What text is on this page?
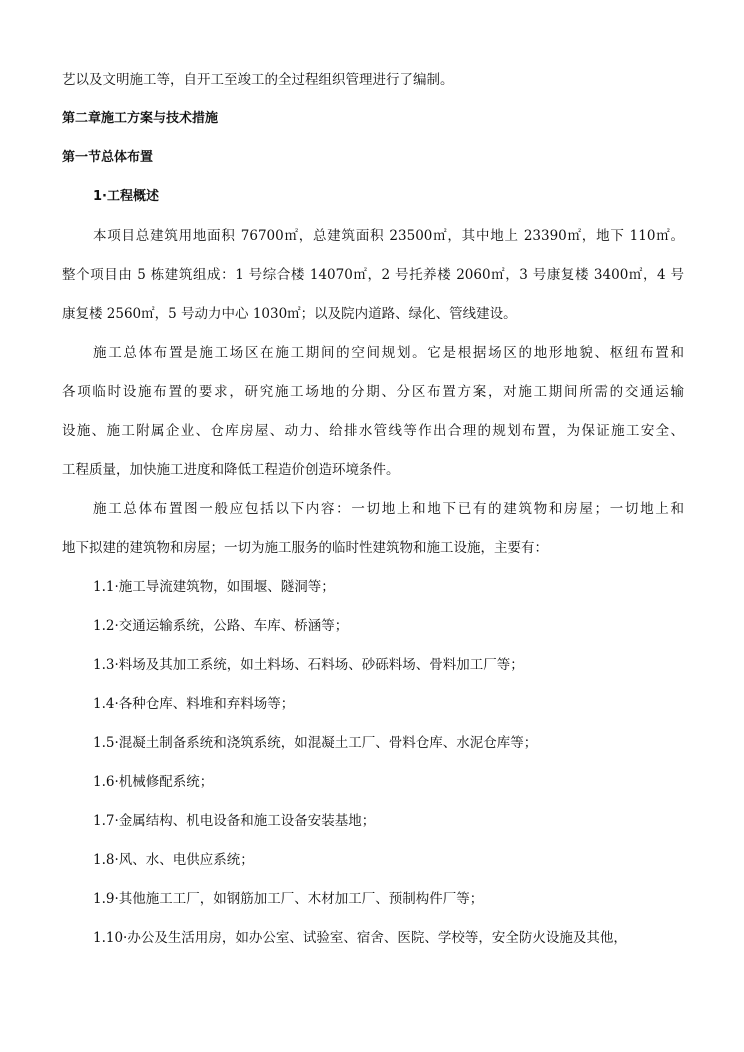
艺以及文明施工等，自开工至竣工的全过程组织管理进行了编制。
第二章施工方案与技术措施
第一节总体布置
1·工程概述
本项目总建筑用地面积 76700㎡，总建筑面积 23500㎡，其中地上 23390㎡，地下 110㎡。
整个项目由 5 栋建筑组成：1 号综合楼 14070㎡，2 号托养楼 2060㎡，3 号康复楼 3400㎡，4 号
康复楼 2560㎡，5 号动力中心 1030㎡；以及院内道路、绿化、管线建设。
施工总体布置是施工场区在施工期间的空间规划。它是根据场区的地形地貌、枢纽布置和
各项临时设施布置的要求，研究施工场地的分期、分区布置方案，对施工期间所需的交通运输
设施、施工附属企业、仓库房屋、动力、给排水管线等作出合理的规划布置，为保证施工安全、
工程质量，加快施工进度和降低工程造价创造环境条件。
施工总体布置图一般应包括以下内容：一切地上和地下已有的建筑物和房屋；一切地上和
地下拟建的建筑物和房屋；一切为施工服务的临时性建筑物和施工设施，主要有：
1.1·施工导流建筑物，如围堰、隧洞等；
1.2·交通运输系统，公路、车库、桥涵等；
1.3·料场及其加工系统，如土料场、石料场、砂砾料场、骨料加工厂等；
1.4·各种仓库、料堆和弃料场等；
1.5·混凝土制备系统和浇筑系统，如混凝土工厂、骨料仓库、水泥仓库等；
1.6·机械修配系统；
1.7·金属结构、机电设备和施工设备安装基地；
1.8·风、水、电供应系统；
1.9·其他施工工厂，如钢筋加工厂、木材加工厂、预制构件厂等；
1.10·办公及生活用房，如办公室、试验室、宿舍、医院、学校等，安全防火设施及其他，
